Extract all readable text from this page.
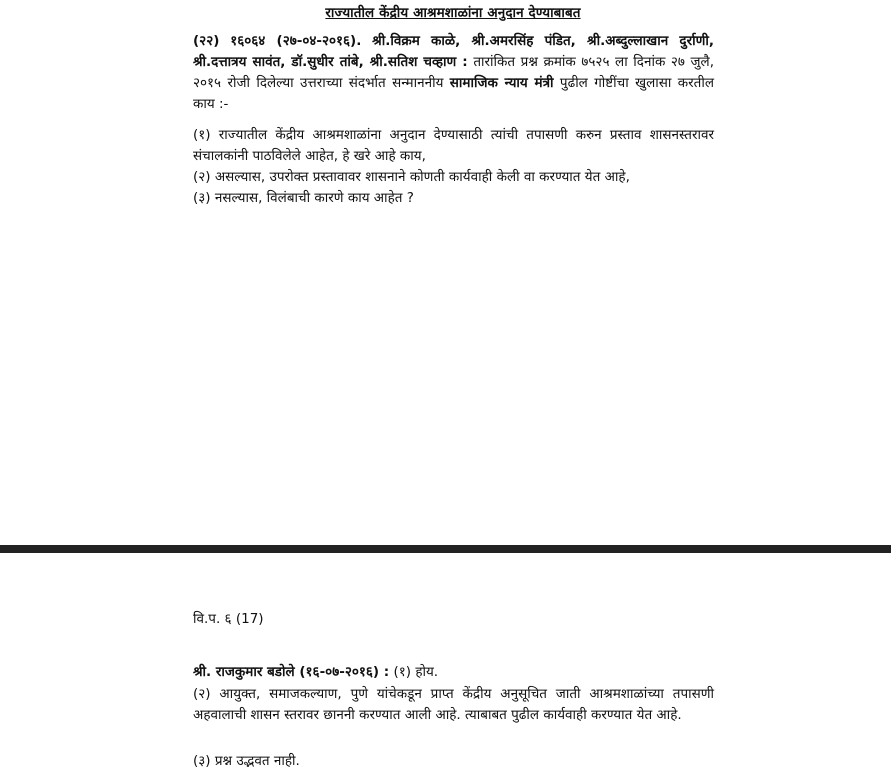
राज्यातील केंद्रीय आश्रमशाळांना अनुदान देण्याबाबत
(२२) १६०६४ (२७-०४-२०१६). श्री.विक्रम काळे, श्री.अमरसिंह पंडित, श्री.अब्दुल्लाखान दुर्राणी, श्री.दत्तात्रय सावंत, डॉ.सुधीर तांबे, श्री.सतिश चव्हाण : तारांकित प्रश्न क्रमांक ७५२५ ला दिनांक २७ जुलै, २०१५ रोजी दिलेल्या उत्तराच्या संदर्भात सन्माननीय सामाजिक न्याय मंत्री पुढील गोष्टींचा खुलासा करतील काय :-
(१) राज्यातील केंद्रीय आश्रमशाळांना अनुदान देण्यासाठी त्यांची तपासणी करुन प्रस्ताव शासनस्तरावर संचालकांनी पाठविलेले आहेत, हे खरे आहे काय,
(२) असल्यास, उपरोक्त प्रस्तावावर शासनाने कोणती कार्यवाही केली वा करण्यात येत आहे,
(३) नसल्यास, विलंबाची कारणे काय आहेत ?
वि.प. ६ (17)
श्री. राजकुमार बडोले (१६-०७-२०१६) : (१) होय.
(२) आयुक्त, समाजकल्याण, पुणे यांचेकडून प्राप्त केंद्रीय अनुसूचित जाती आश्रमशाळांच्या तपासणी अहवालाची शासन स्तरावर छाननी करण्यात आली आहे. त्याबाबत पुढील कार्यवाही करण्यात येत आहे.
(३) प्रश्न उद्भवत नाही.
